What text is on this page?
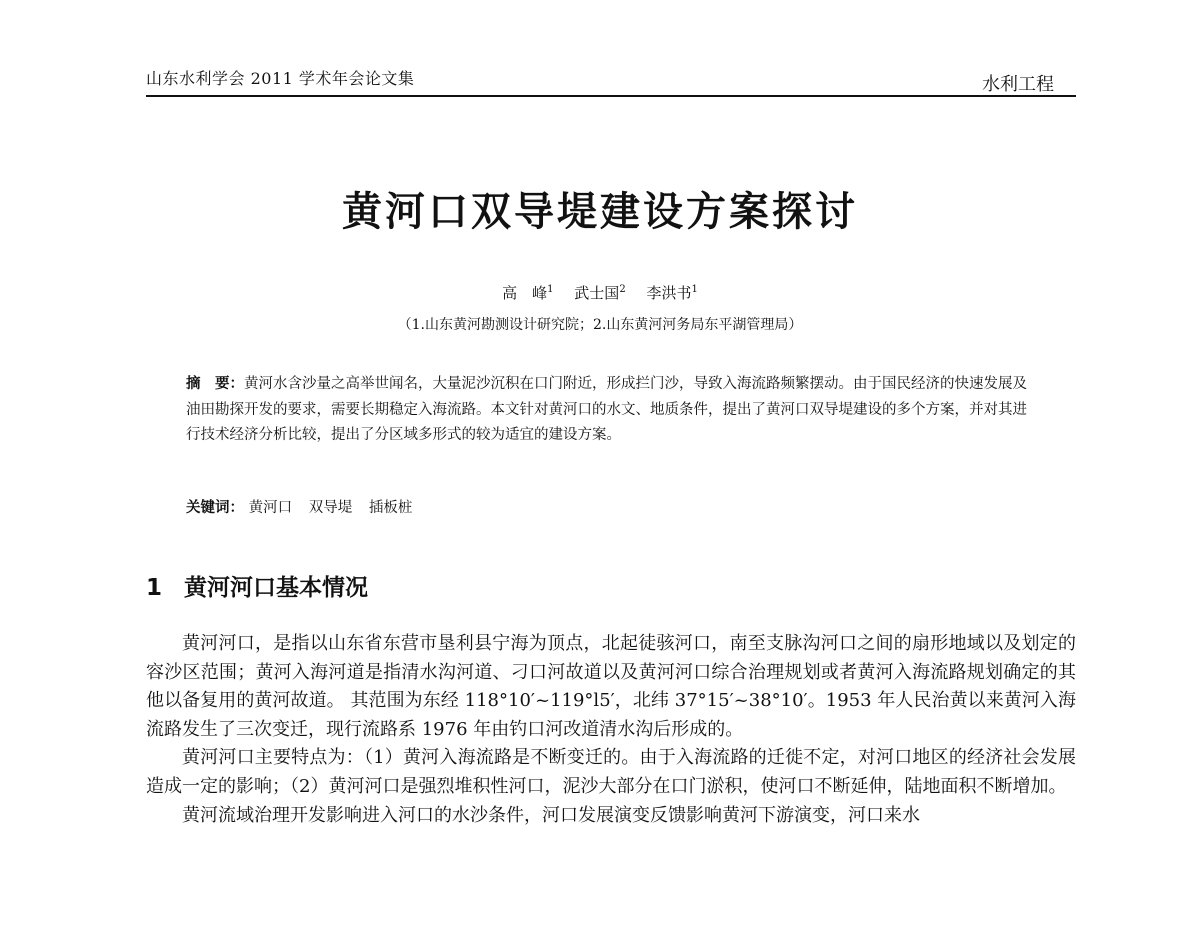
山东水利学会 2011 学术年会论文集	水利工程
黄河口双导堤建设方案探讨
高　峰$^1$ 武士国$^2$ 李洪书$^1$
（1.山东黄河勘测设计研究院；2.山东黄河河务局东平湖管理局）
摘　要：黄河水含沙量之高举世闻名，大量泥沙沉积在口门附近，形成拦门沙，导致入海流路频繁摆动。由于国民经济的快速发展及油田勘探开发的要求，需要长期稳定入海流路。本文针对黄河口的水文、地质条件，提出了黄河口双导堤建设的多个方案，并对其进行技术经济分析比较，提出了分区域多形式的较为适宜的建设方案。
关键词： 黄河口 双导堤 插板桩
1 黄河河口基本情况

黄河河口，是指以山东省东营市垦利县宁海为顶点，北起徒骇河口，南至支脉沟河口之间的扇形地域以及划定的容沙区范围；黄河入海河道是指清水沟河道、刁口河故道以及黄河河口综合治理规划或者黄河入海流路规划确定的其他以备复用的黄河故道。 其范围为东经 118°10′~119°l5′，北纬 37°15′~38°10′。1953 年人民治黄以来黄河入海流路发生了三次变迁，现行流路系 1976 年由钓口河改道清水沟后形成的。

黄河河口主要特点为：（1）黄河入海流路是不断变迁的。由于入海流路的迁徙不定，对河口地区的经济社会发展造成一定的影响；（2）黄河河口是强烈堆积性河口，泥沙大部分在口门淤积，使河口不断延伸，陆地面积不断增加。

黄河流域治理开发影响进入河口的水沙条件，河口发展演变反馈影响黄河下游演变，河口来水
